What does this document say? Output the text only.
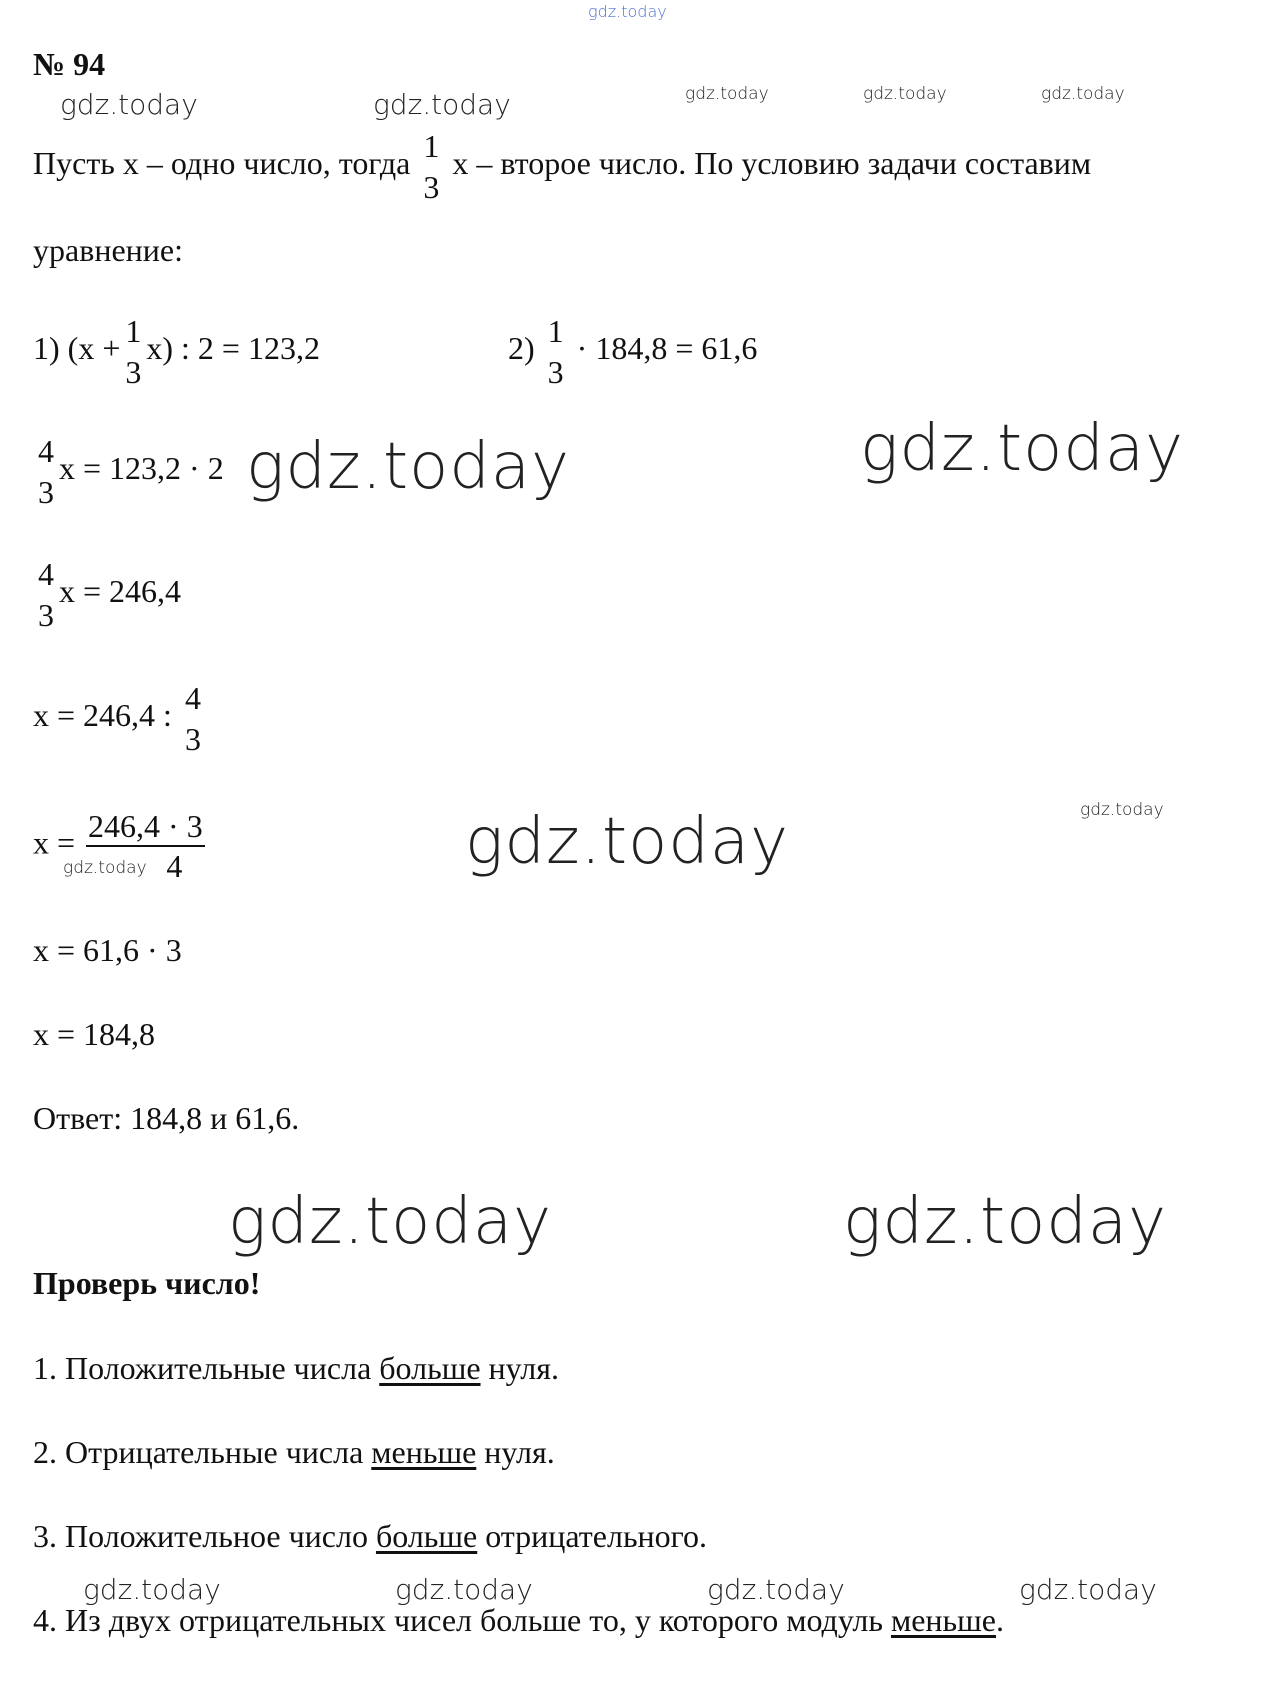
gdz.today
gdz.today	gdz.today	gdz.today	gdz.today	gdz.today
gdz.today	gdz.today
gdz.today
gdz.today
gdz.today
gdz.today	gdz.today
gdz.today	gdz.today	gdz.today	gdz.today
№ 94
Пусть x – одно число, тогда 1
3
x – второе число. По условию задачи составим
уравнение:
1) (x + 1
3
x) : 2 = 123,2	2) 1
3
· 184,8 = 61,6
4
3
x = 123,2 · 2
4
3
x = 246,4
x = 246,4 : 4
3
$x = \frac{246,4 \cdot 3}{4}$
x = 61,6 · 3
x = 184,8
Ответ: 184,8 и 61,6.
Проверь число!
1. Положительные числа больше нуля.
2. Отрицательные числа меньше нуля.
3. Положительное число больше отрицательного.
4. Из двух отрицательных чисел больше то, у которого модуль меньше.
